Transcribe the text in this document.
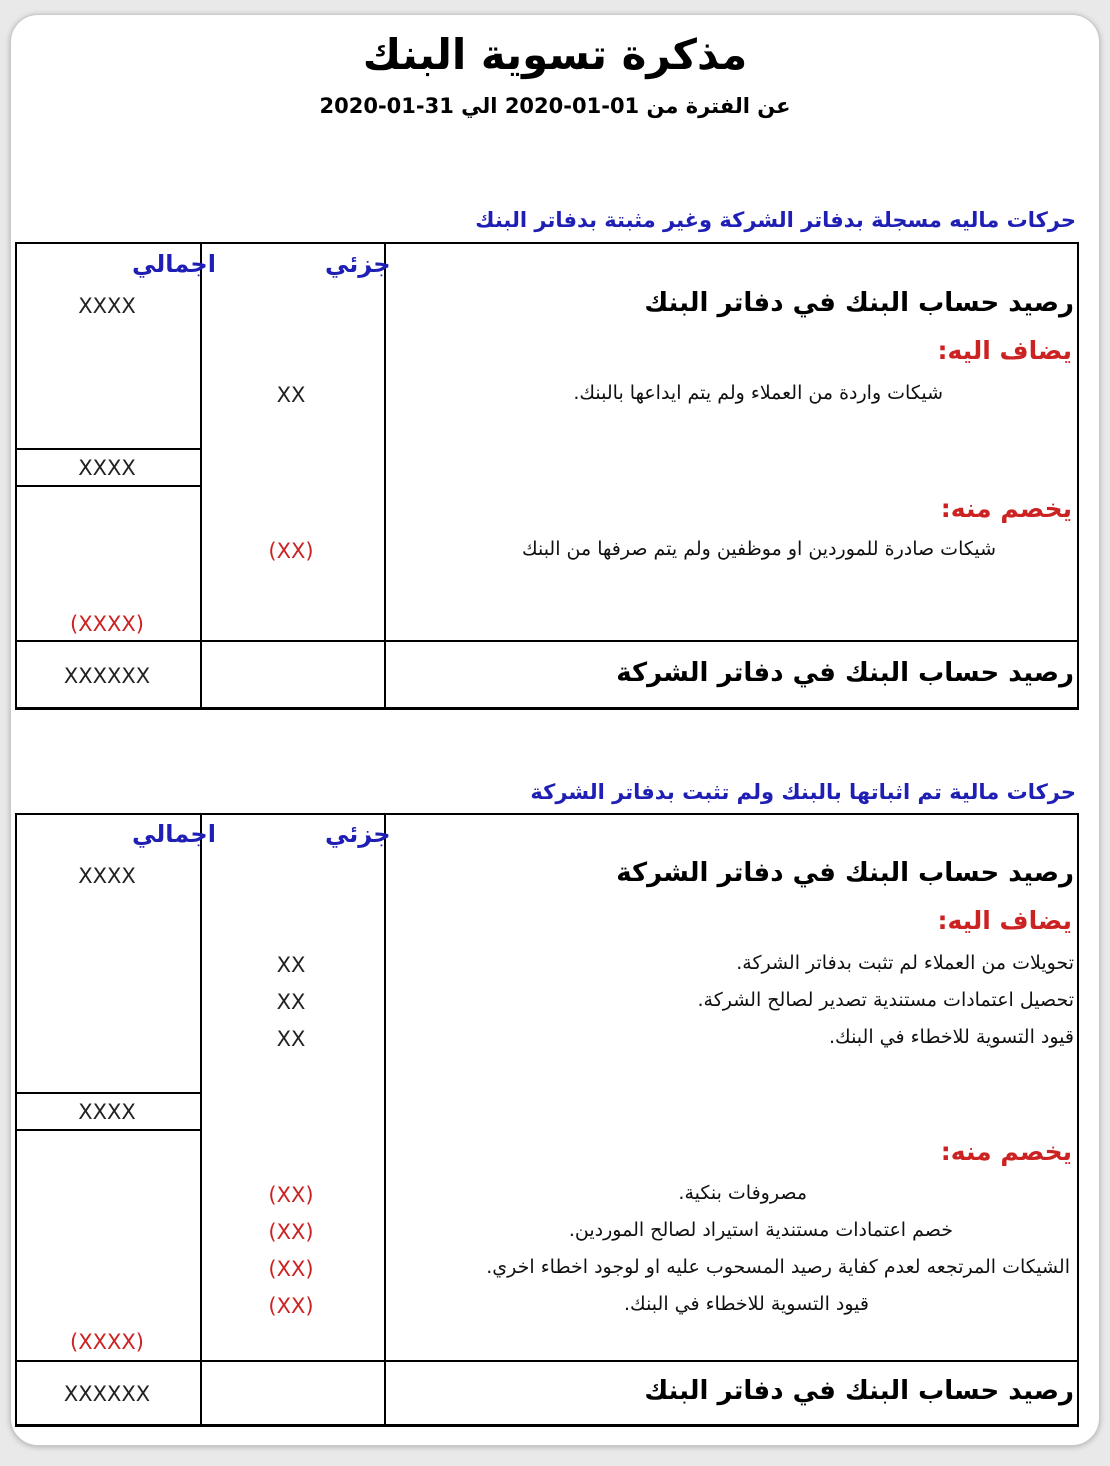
مذكرة تسوية البنك
عن الفترة من 01-01-2020 الي 31-01-2020
حركات ماليه مسجلة بدفاتر الشركة وغير مثبتة بدفاتر البنك
اجمالي	جزئي
رصيد حساب البنك في دفاتر البنك
XXXX
يضاف اليه:
شيكات واردة من العملاء ولم يتم ايداعها بالبنك.
XX
XXXX
يخصم منه:
شيكات صادرة للموردين او موظفين ولم يتم صرفها من البنك
(XX)
(XXXX)
رصيد حساب البنك في دفاتر الشركة
XXXXXX
حركات مالية تم اثباتها بالبنك ولم تثبت بدفاتر الشركة
اجمالي	جزئي
رصيد حساب البنك في دفاتر الشركة
XXXX
يضاف اليه:
تحويلات من العملاء لم تثبت بدفاتر الشركة.
XX
تحصيل اعتمادات مستندية تصدير لصالح الشركة.
XX
قيود التسوية للاخطاء في البنك.
XX
XXXX
يخصم منه:
مصروفات بنكية.
(XX)
خصم اعتمادات مستندية استيراد لصالح الموردين.
(XX)
الشيكات المرتجعه لعدم كفاية رصيد المسحوب عليه او لوجود اخطاء اخري.
(XX)
قيود التسوية للاخطاء في البنك.
(XX)
(XXXX)
رصيد حساب البنك في دفاتر البنك
XXXXXX
